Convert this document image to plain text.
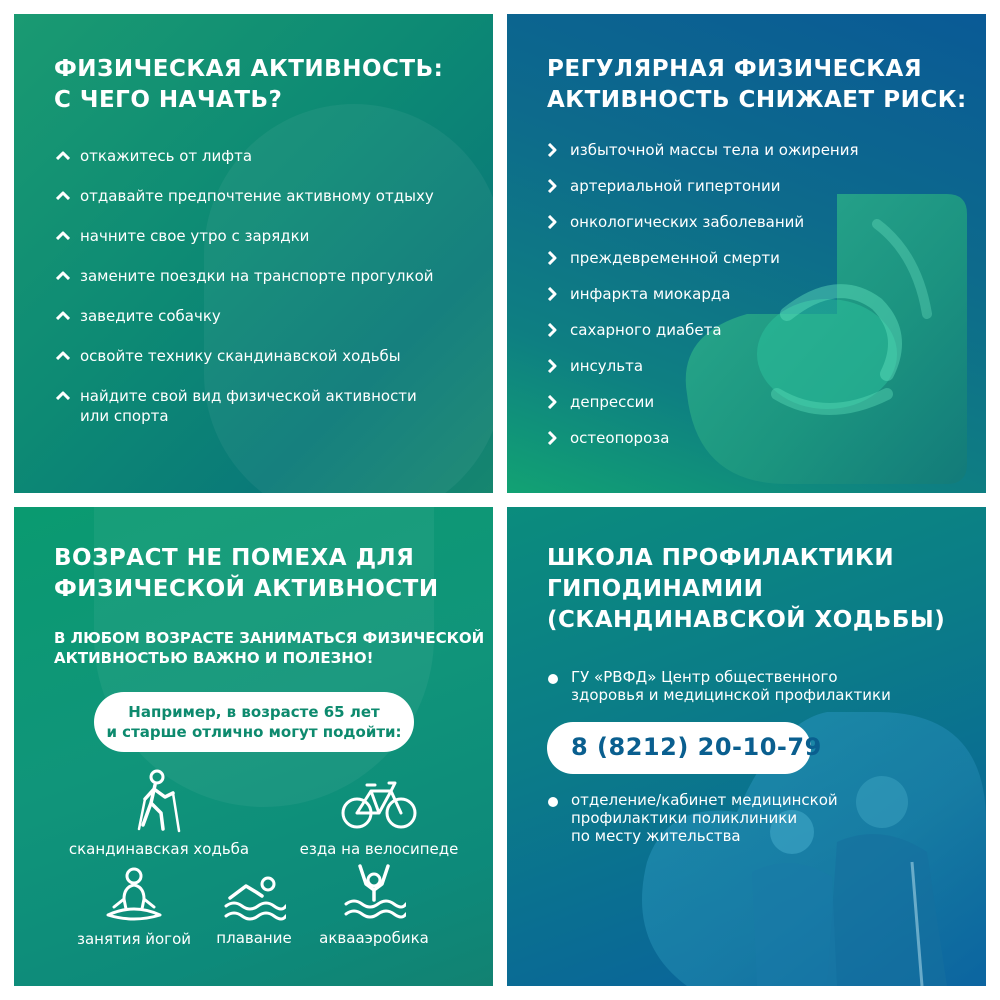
ФИЗИЧЕСКАЯ АКТИВНОСТЬ:
С ЧЕГО НАЧАТЬ?
откажитесь от лифта
отдавайте предпочтение активному отдыху
начните свое утро с зарядки
замените поездки на транспорте прогулкой
заведите собачку
освойте технику скандинавской ходьбы
найдите свой вид физической активности или спорта
РЕГУЛЯРНАЯ ФИЗИЧЕСКАЯ
АКТИВНОСТЬ СНИЖАЕТ РИСК:
избыточной массы тела и ожирения
артериальной гипертонии
онкологических заболеваний
преждевременной смерти
инфаркта миокарда
сахарного диабета
инсульта
депрессии
остеопороза
ВОЗРАСТ НЕ ПОМЕХА ДЛЯ
ФИЗИЧЕСКОЙ АКТИВНОСТИ
В ЛЮБОМ ВОЗРАСТЕ ЗАНИМАТЬСЯ ФИЗИЧЕСКОЙ
АКТИВНОСТЬЮ ВАЖНО И ПОЛЕЗНО!
Например, в возрасте 65 лет
и старше отлично могут подойти:
скандинавская ходьба	езда на велосипеде
занятия йогой	плавание	аквааэробика
ШКОЛА ПРОФИЛАКТИКИ
ГИПОДИНАМИИ
(СКАНДИНАВСКОЙ ХОДЬБЫ)
ГУ «РВФД» Центр общественного
здоровья и медицинской профилактики
8 (8212) 20-10-79
отделение/кабинет медицинской
профилактики поликлиники
по месту жительства
